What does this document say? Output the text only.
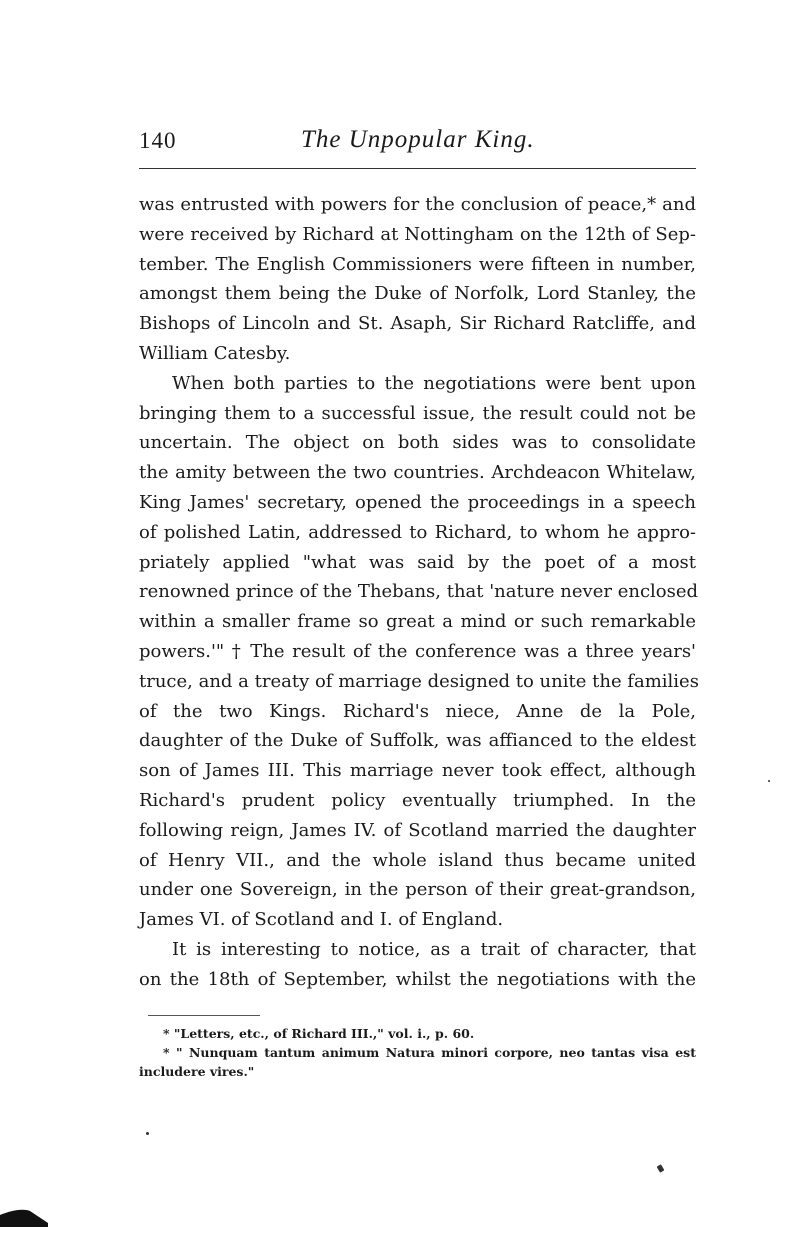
140	The Unpopular King.
was entrusted with powers for the conclusion of peace,* and
were received by Richard at Nottingham on the 12th of Sep-
tember. The English Commissioners were fifteen in number,
amongst them being the Duke of Norfolk, Lord Stanley, the
Bishops of Lincoln and St. Asaph, Sir Richard Ratcliffe, and
William Catesby.
When both parties to the negotiations were bent upon
bringing them to a successful issue, the result could not be
uncertain. The object on both sides was to consolidate
the amity between the two countries. Archdeacon Whitelaw,
King James' secretary, opened the proceedings in a speech
of polished Latin, addressed to Richard, to whom he appro-
priately applied "what was said by the poet of a most
renowned prince of the Thebans, that 'nature never enclosed
within a smaller frame so great a mind or such remarkable
powers.'" † The result of the conference was a three years'
truce, and a treaty of marriage designed to unite the families
of the two Kings. Richard's niece, Anne de la Pole,
daughter of the Duke of Suffolk, was affianced to the eldest
son of James III. This marriage never took effect, although
Richard's prudent policy eventually triumphed. In the
following reign, James IV. of Scotland married the daughter
of Henry VII., and the whole island thus became united
under one Sovereign, in the person of their great-grandson,
James VI. of Scotland and I. of England.
It is interesting to notice, as a trait of character, that
on the 18th of September, whilst the negotiations with the
* "Letters, etc., of Richard III.," vol. i., p. 60.
* " Nunquam tantum animum Natura minori corpore, neo tantas visa est
includere vires."
